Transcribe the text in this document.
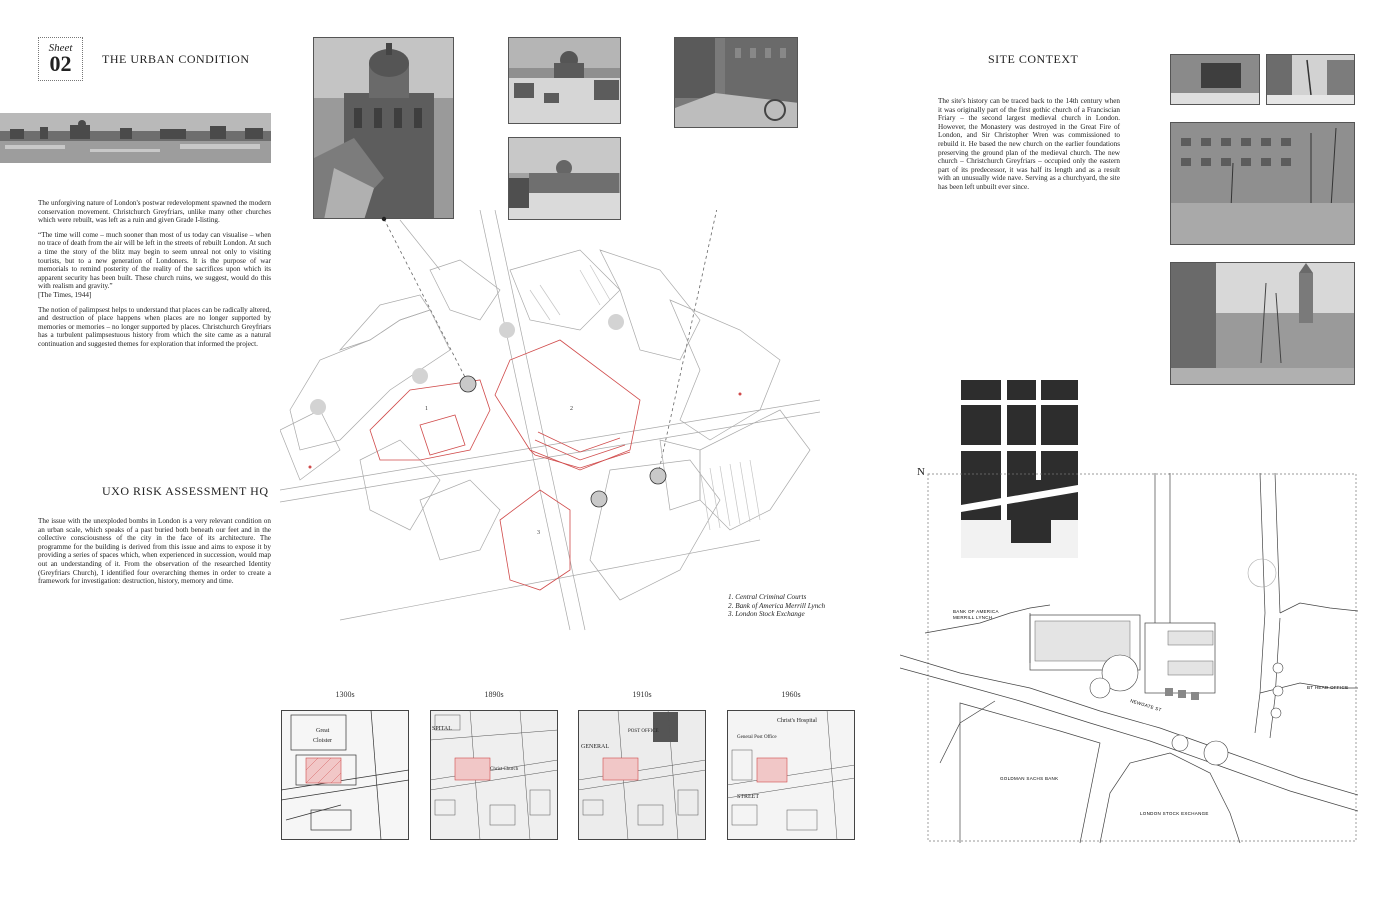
Sheet
02	THE URBAN CONDITION

The unforgiving nature of London's postwar redevelopment spawned the modern conservation movement. Christchurch Greyfriars, unlike many other churches which were rebuilt, was left as a ruin and given Grade I-listing.

“The time will come – much sooner than most of us today can visualise – when no trace of death from the air will be left in the streets of rebuilt London. At such a time the story of the blitz may begin to seem unreal not only to visiting tourists, but to a new generation of Londoners. It is the purpose of war memorials to remind posterity of the reality of the sacrifices upon which its apparent security has been built. These church ruins, we suggest, would do this with realism and gravity.”

[The Times, 1944]

The notion of palimpsest helps to understand that places can be radically altered, and destruction of place happens when places are no longer supported by memories or memories – no longer supported by places. Christchurch Greyfriars has a turbulent palimpsestuous history from which the site came as a natural continuation and suggested themes for exploration that informed the project.

UXO RISK ASSESSMENT HQ
The issue with the unexploded bombs in London is a very relevant condition on an urban scale, which speaks of a past buried both beneath our feet and in the collective consciousness of the city in the face of its architecture. The programme for the building is derived from this issue and aims to expose it by providing a series of spaces which, when experienced in succession, would map out an understanding of it. From the observation of the researched Identity (Greyfriars Church), I identified four overarching themes in order to create a framework for investigation: destruction, history, memory and time.
1	2
3
1. Central Criminal Courts
2. Bank of America Merrill Lynch
3. London Stock Exchange
1300s	1890s	1910s	1960s
Great
Cloister
SPITAL
Christ Church
GENERAL
POST OFFICE
Christ's Hospital
General Post Office
STREET
SITE CONTEXT
The site's history can be traced back to the 14th century when it was originally part of the first gothic church of a Franciscian Friary – the second largest medieval church in London. However, the Monastery was destroyed in the Great Fire of London, and Sir Christopher Wren was commissioned to rebuild it. He based the new church on the earlier foundations preserving the ground plan of the medieval church. The new church – Christchurch Greyfriars – occupied only the eastern part of its predecessor, it was half its length and as a result with an unusually wide nave. Serving as a churchyard, the site has been left unbuilt ever since.
N
BANK OF AMERICA
MERRILL LYNCH
NEWGATE ST
BT HEAD OFFICE
GOLDMAN SACHS BANK
LONDON STOCK EXCHANGE
